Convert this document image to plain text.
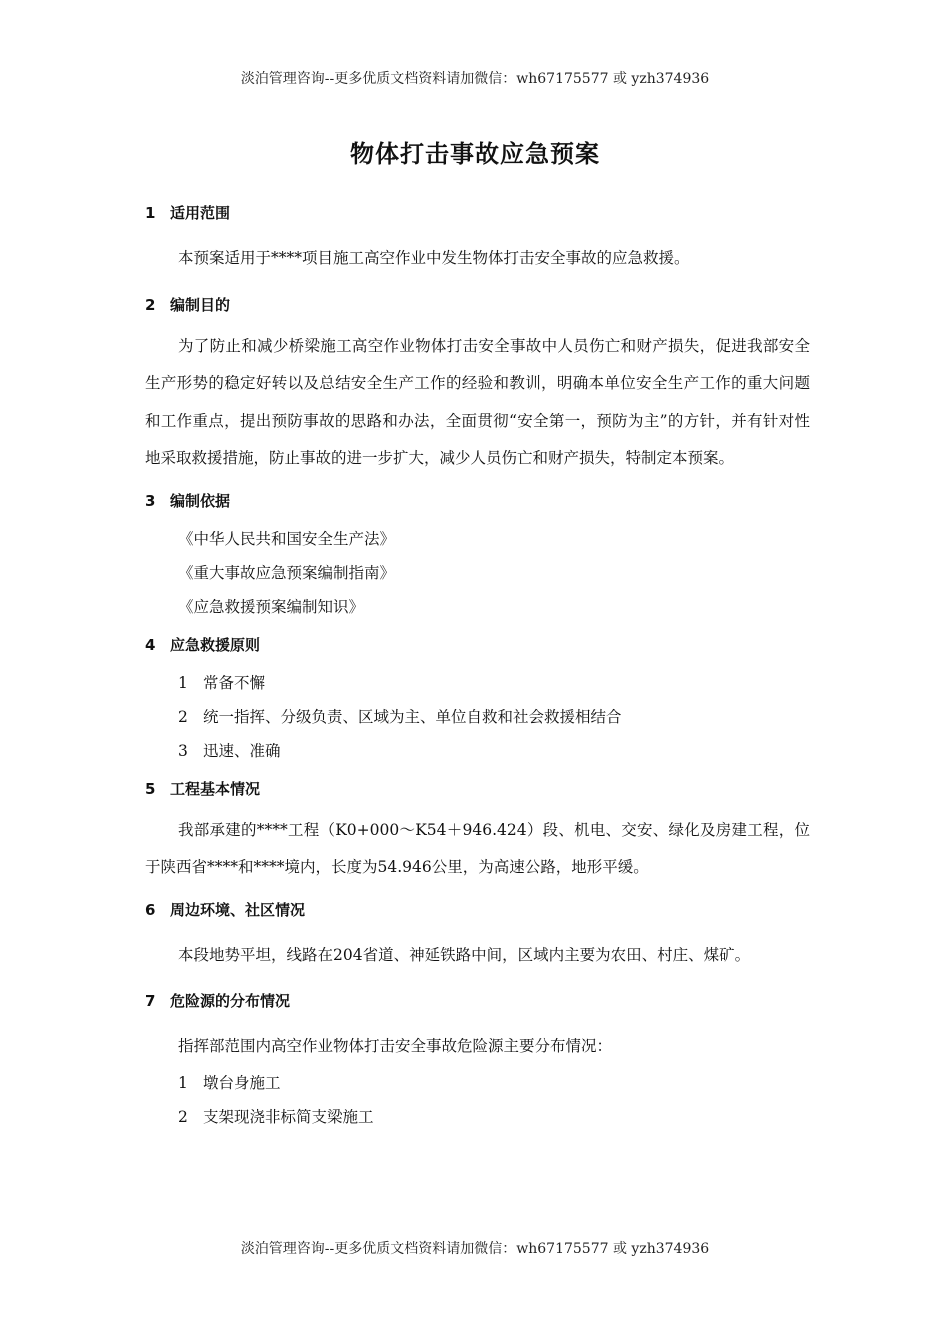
淡泊管理咨询--更多优质文档资料请加微信：wh67175577 或 yzh374936
物体打击事故应急预案
1 适用范围

本预案适用于****项目施工高空作业中发生物体打击安全事故的应急救援。

2 编制目的

为了防止和减少桥梁施工高空作业物体打击安全事故中人员伤亡和财产损失，促进我部安全生产形势的稳定好转以及总结安全生产工作的经验和教训，明确本单位安全生产工作的重大问题和工作重点，提出预防事故的思路和办法，全面贯彻“安全第一，预防为主”的方针，并有针对性地采取救援措施，防止事故的进一步扩大，减少人员伤亡和财产损失，特制定本预案。

3 编制依据
《中华人民共和国安全生产法》
《重大事故应急预案编制指南》
《应急救援预案编制知识》
4 应急救援原则
1 常备不懈
2 统一指挥、分级负责、区域为主、单位自救和社会救援相结合
3 迅速、准确
5 工程基本情况

我部承建的****工程（K0+000～K54＋946.424）段、机电、交安、绿化及房建工程，位于陕西省****和****境内，长度为54.946公里，为高速公路，地形平缓。

6 周边环境、社区情况

本段地势平坦，线路在204省道、神延铁路中间，区域内主要为农田、村庄、煤矿。

7 危险源的分布情况

指挥部范围内高空作业物体打击安全事故危险源主要分布情况：

1 墩台身施工
2 支架现浇非标简支梁施工
淡泊管理咨询--更多优质文档资料请加微信：wh67175577 或 yzh374936
